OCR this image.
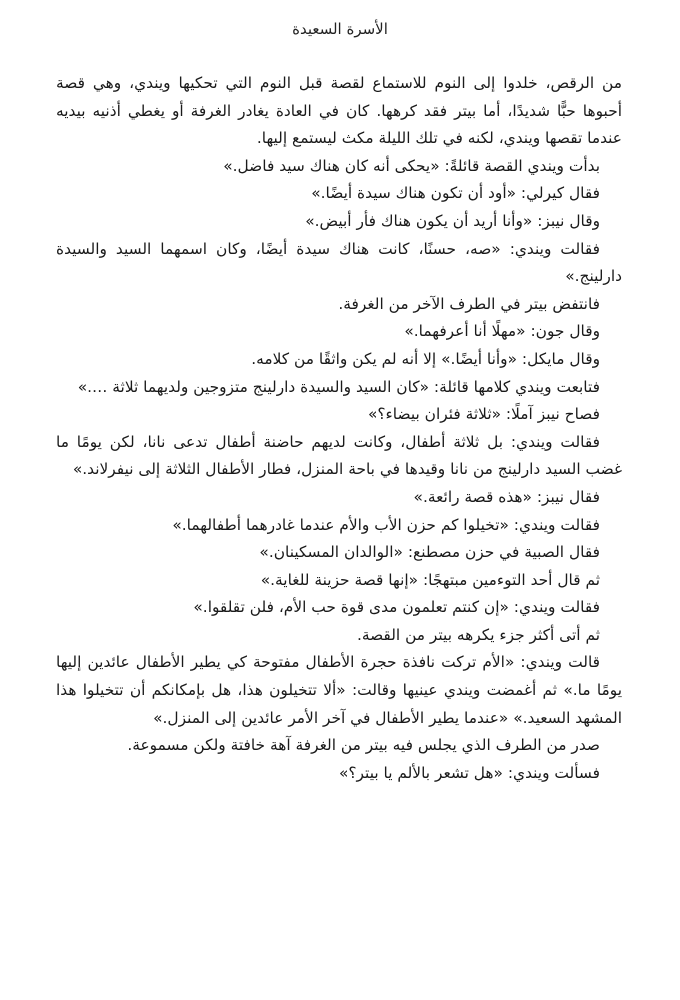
الأسرة السعيدة

من الرقص، خلدوا إلى النوم للاستماع لقصة قبل النوم التي تحكيها ويندي، وهي قصة أحبوها حبًّا شديدًا، أما بيتر فقد كرهها. كان في العادة يغادر الغرفة أو يغطي أذنيه بيديه عندما تقصها ويندي، لكنه في تلك الليلة مكث ليستمع إليها.

بدأت ويندي القصة قائلةً: «يحكى أنه كان هناك سيد فاضل.»

فقال كيرلي: «أود أن تكون هناك سيدة أيضًا.»

وقال نيبز: «وأنا أريد أن يكون هناك فأر أبيض.»

فقالت ويندي: «صه، حسنًا، كانت هناك سيدة أيضًا، وكان اسمهما السيد والسيدة دارلينج.»

فانتفض بيتر في الطرف الآخر من الغرفة.

وقال جون: «مهلًا أنا أعرفهما.»

وقال مايكل: «وأنا أيضًا.» إلا أنه لم يكن واثقًا من كلامه.

فتابعت ويندي كلامها قائلة: «كان السيد والسيدة دارلينج متزوجين ولديهما ثلاثة ….»

فصاح نيبز آملًا: «ثلاثة فئران بيضاء؟»

فقالت ويندي: بل ثلاثة أطفال، وكانت لديهم حاضنة أطفال تدعى نانا، لكن يومًا ما غضب السيد دارلينج من نانا وقيدها في باحة المنزل، فطار الأطفال الثلاثة إلى نيفرلاند.»

فقال نيبز: «هذه قصة رائعة.»

فقالت ويندي: «تخيلوا كم حزن الأب والأم عندما غادرهما أطفالهما.»

فقال الصبية في حزن مصطنع: «الوالدان المسكينان.»

ثم قال أحد التوءمين مبتهجًا: «إنها قصة حزينة للغاية.»

فقالت ويندي: «إن كنتم تعلمون مدى قوة حب الأم، فلن تقلقوا.»

ثم أتى أكثر جزء يكرهه بيتر من القصة.

قالت ويندي: «الأم تركت نافذة حجرة الأطفال مفتوحة كي يطير الأطفال عائدين إليها يومًا ما.» ثم أغمضت ويندي عينيها وقالت: «ألا تتخيلون هذا، هل بإمكانكم أن تتخيلوا هذا المشهد السعيد.» «عندما يطير الأطفال في آخر الأمر عائدين إلى المنزل.»

صدر من الطرف الذي يجلس فيه بيتر من الغرفة آهة خافتة ولكن مسموعة.

فسألت ويندي: «هل تشعر بالألم يا بيتر؟»
